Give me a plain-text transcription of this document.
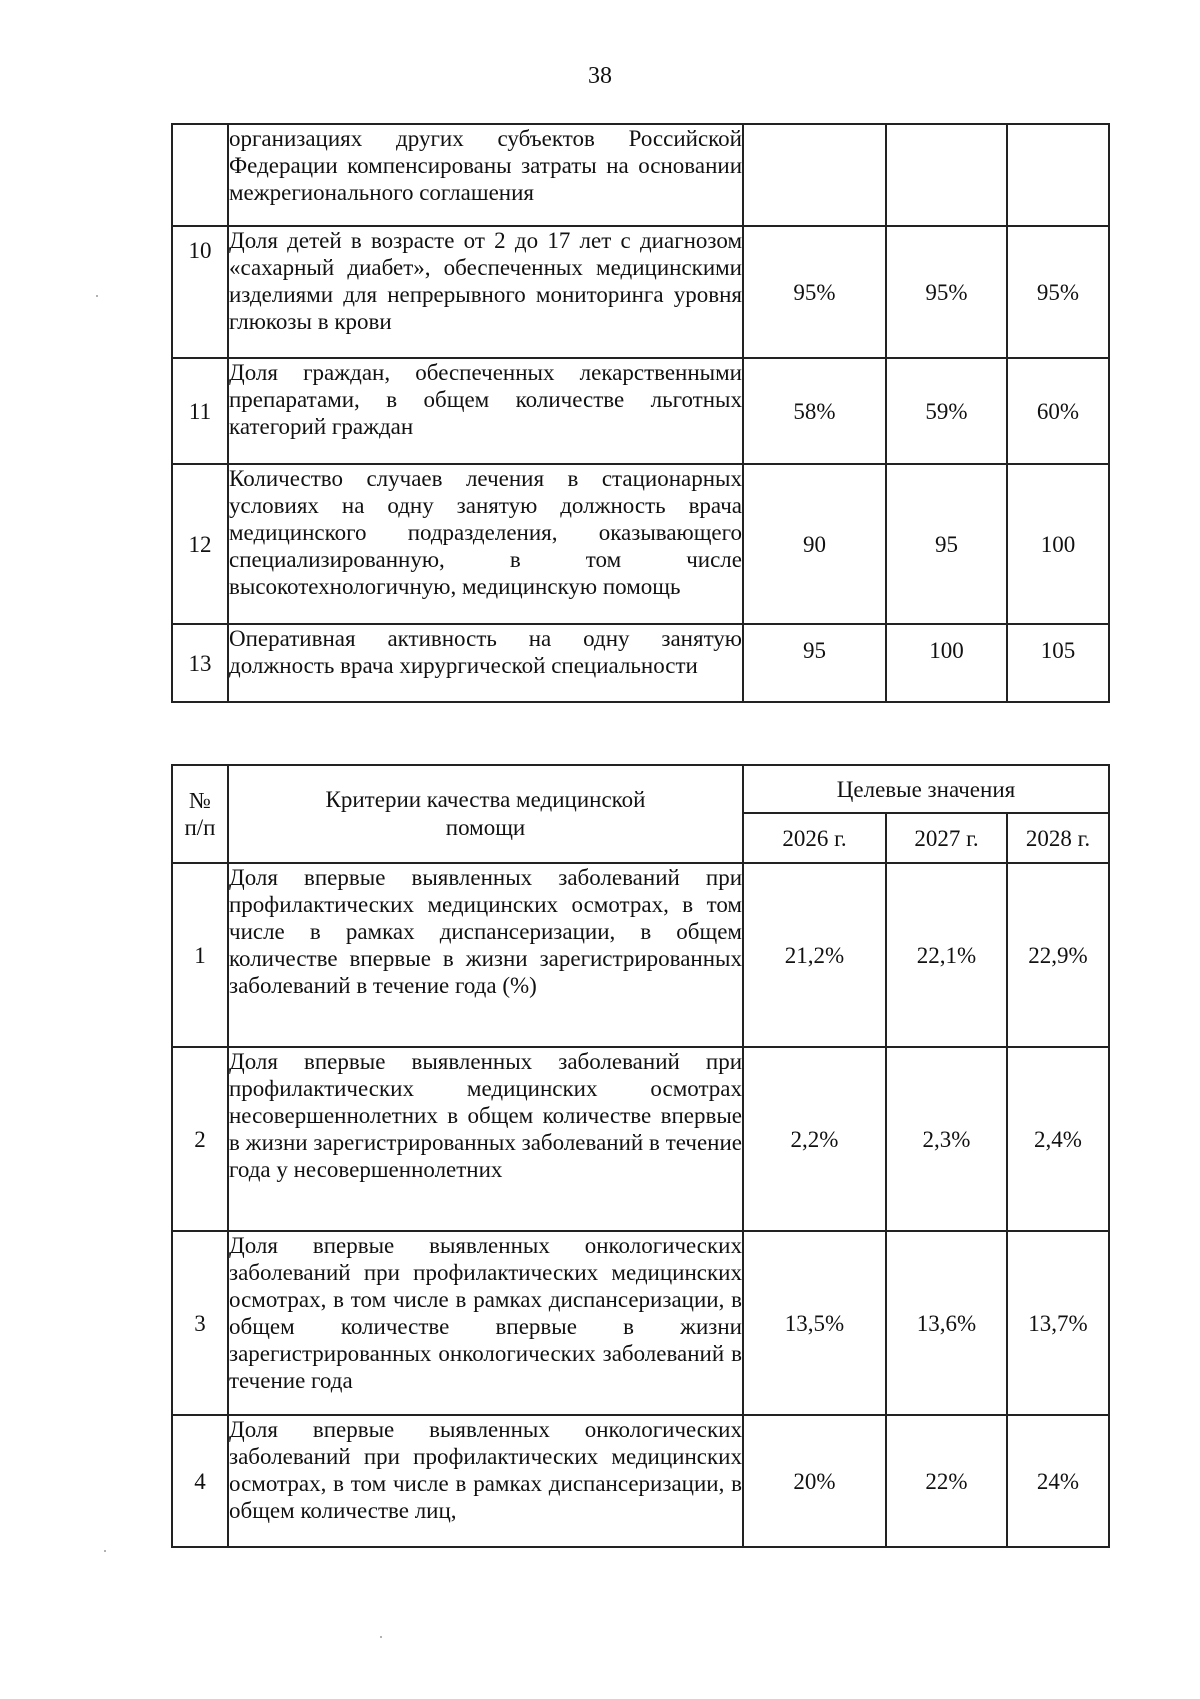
38
	организациях других субъектов Российской Федерации компенсированы затраты на основании межрегионального соглашения			
10	Доля детей в возрасте от 2 до 17 лет с диагнозом «сахарный диабет», обеспеченных медицинскими изделиями для непрерывного мониторинга уровня глюкозы в крови	95%	95%	95%
11	Доля граждан, обеспеченных лекарственными препаратами, в общем количестве льготных категорий граждан	58%	59%	60%
12	Количество случаев лечения в стационарных условиях на одну занятую должность врача медицинского подразделения, оказывающего специализированную, в том числе высокотехнологичную, медицинскую помощь	90	95	100
13	Оперативная активность на одну занятую должность врача хирургической специальности	95	100	105
№ п/п	Критерии качества медицинской помощи	Целевые значения		
		2026 г.	2027 г.	2028 г.
1	Доля впервые выявленных заболеваний при профилактических медицинских осмотрах, в том числе в рамках диспансеризации, в общем количестве впервые в жизни зарегистрированных заболеваний в течение года (%)	21,2%	22,1%	22,9%
2	Доля впервые выявленных заболеваний при профилактических медицинских осмотрах несовершеннолетних в общем количестве впервые в жизни зарегистрированных заболеваний в течение года у несовершеннолетних	2,2%	2,3%	2,4%
3	Доля впервые выявленных онкологических заболеваний при профилактических медицинских осмотрах, в том числе в рамках диспансеризации, в общем количестве впервые в жизни зарегистрированных онкологических заболеваний в течение года	13,5%	13,6%	13,7%
4	Доля впервые выявленных онкологических заболеваний при профилактических медицинских осмотрах, в том числе в рамках диспансеризации, в общем количестве лиц,	20%	22%	24%
